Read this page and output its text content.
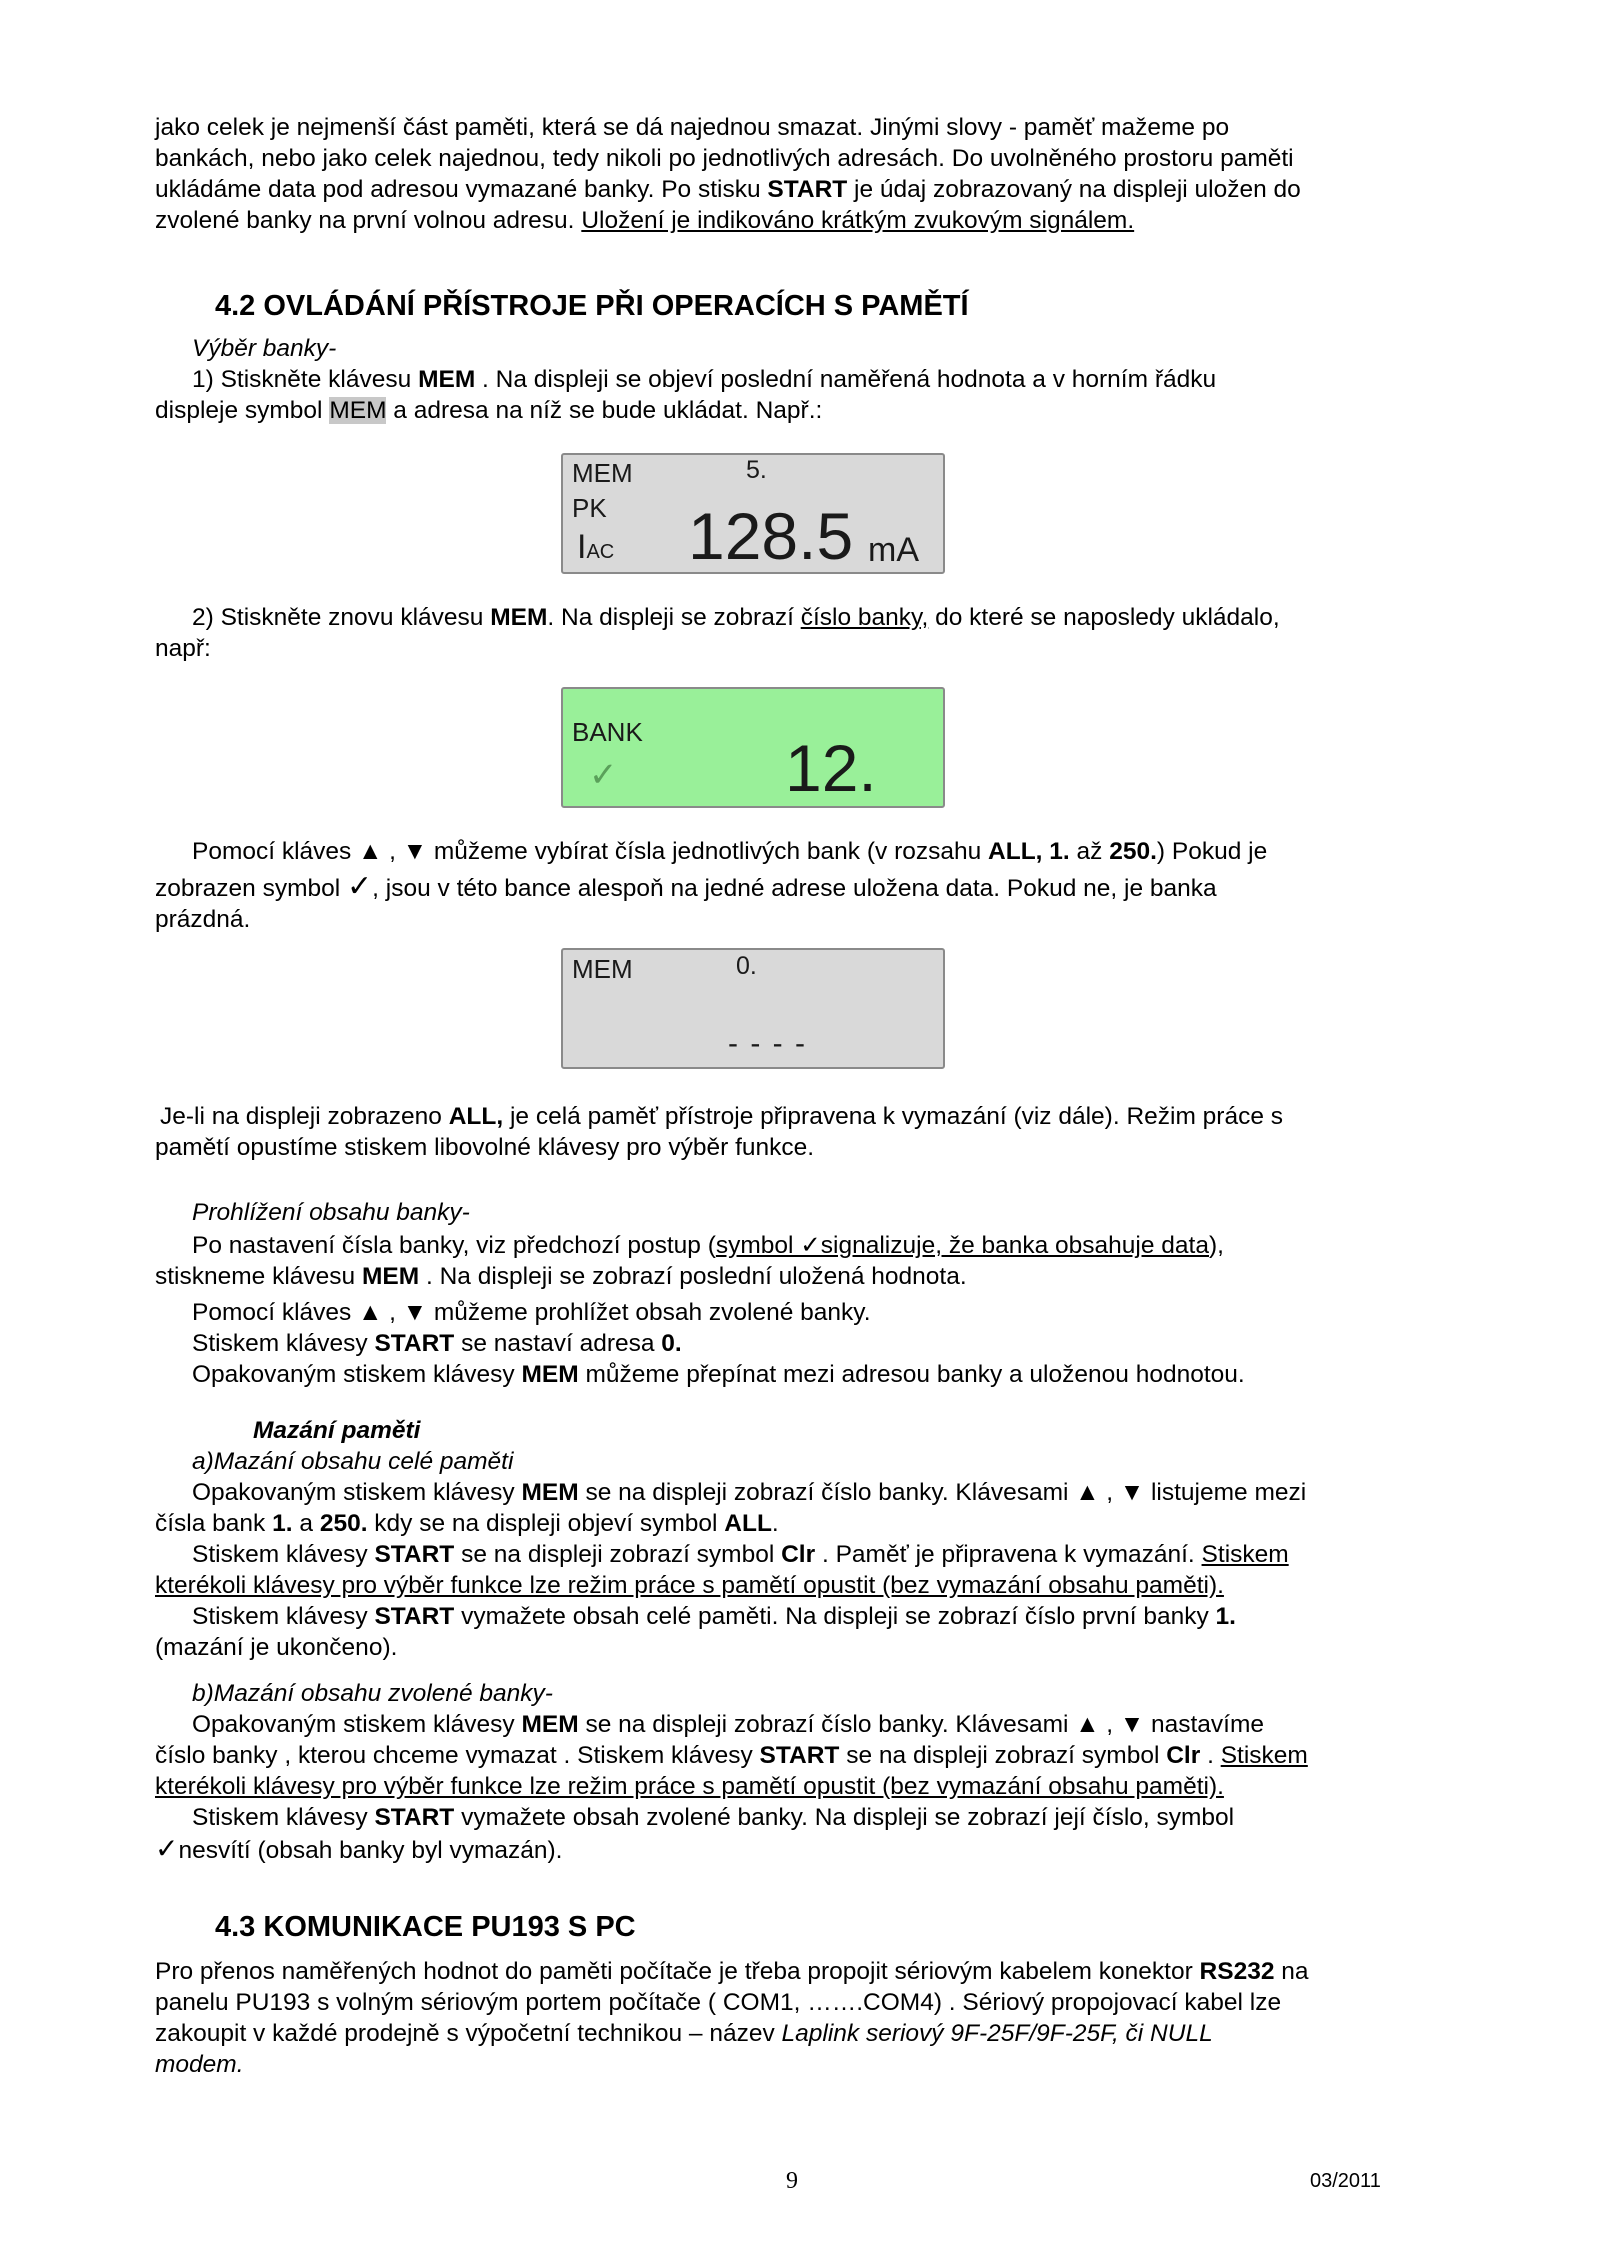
jako celek je nejmenší část paměti, která se dá najednou smazat. Jinými slovy - paměť mažeme po
bankách, nebo jako celek najednou, tedy nikoli po jednotlivých adresách. Do uvolněného prostoru paměti
ukládáme data pod adresou vymazané banky. Po stisku START je údaj zobrazovaný na displeji uložen do
zvolené banky na první volnou adresu. Uložení je indikováno krátkým zvukovým signálem.
4.2 OVLÁDÁNÍ PŘÍSTROJE PŘI OPERACÍCH S PAMĚTÍ
Výběr banky-
1) Stiskněte klávesu MEM . Na displeji se objeví poslední naměřená hodnota a v horním řádku
displeje symbol MEM a adresa na níž se bude ukládat. Např.:
MEM	5.
PK
IAC 128.5 mA
2) Stiskněte znovu klávesu MEM. Na displeji se zobrazí číslo banky, do které se naposledy ukládalo,
např:
BANK
✓	12.
Pomocí kláves ▲ , ▼ můžeme vybírat čísla jednotlivých bank (v rozsahu ALL, 1. až 250.) Pokud je
zobrazen symbol ✓, jsou v této bance alespoň na jedné adrese uložena data. Pokud ne, je banka
prázdná.
MEM	0.
- - - -
Je-li na displeji zobrazeno ALL, je celá paměť přístroje připravena k vymazání (viz dále). Režim práce s
pamětí opustíme stiskem libovolné klávesy pro výběr funkce.
Prohlížení obsahu banky-
Po nastavení čísla banky, viz předchozí postup (symbol ✓signalizuje, že banka obsahuje data),
stiskneme klávesu MEM . Na displeji se zobrazí poslední uložená hodnota.
Pomocí kláves ▲ , ▼ můžeme prohlížet obsah zvolené banky.
Stiskem klávesy START se nastaví adresa 0.
Opakovaným stiskem klávesy MEM můžeme přepínat mezi adresou banky a uloženou hodnotou.
Mazání paměti
a)Mazání obsahu celé paměti
Opakovaným stiskem klávesy MEM se na displeji zobrazí číslo banky. Klávesami ▲ , ▼ listujeme mezi
čísla bank 1. a 250. kdy se na displeji objeví symbol ALL.
Stiskem klávesy START se na displeji zobrazí symbol Clr . Paměť je připravena k vymazání. Stiskem
kterékoli klávesy pro výběr funkce lze režim práce s pamětí opustit (bez vymazání obsahu paměti).
Stiskem klávesy START vymažete obsah celé paměti. Na displeji se zobrazí číslo první banky 1.
(mazání je ukončeno).
b)Mazání obsahu zvolené banky-
Opakovaným stiskem klávesy MEM se na displeji zobrazí číslo banky. Klávesami ▲ , ▼ nastavíme
číslo banky , kterou chceme vymazat . Stiskem klávesy START se na displeji zobrazí symbol Clr . Stiskem
kterékoli klávesy pro výběr funkce lze režim práce s pamětí opustit (bez vymazání obsahu paměti).
Stiskem klávesy START vymažete obsah zvolené banky. Na displeji se zobrazí její číslo, symbol
✓nesvítí (obsah banky byl vymazán).
4.3 KOMUNIKACE PU193 S PC
Pro přenos naměřených hodnot do paměti počítače je třeba propojit sériovým kabelem konektor RS232 na
panelu PU193 s volným sériovým portem počítače ( COM1, …….COM4) . Sériový propojovací kabel lze
zakoupit v každé prodejně s výpočetní technikou – název Laplink seriový 9F-25F/9F-25F, či NULL
modem.
9	03/2011
